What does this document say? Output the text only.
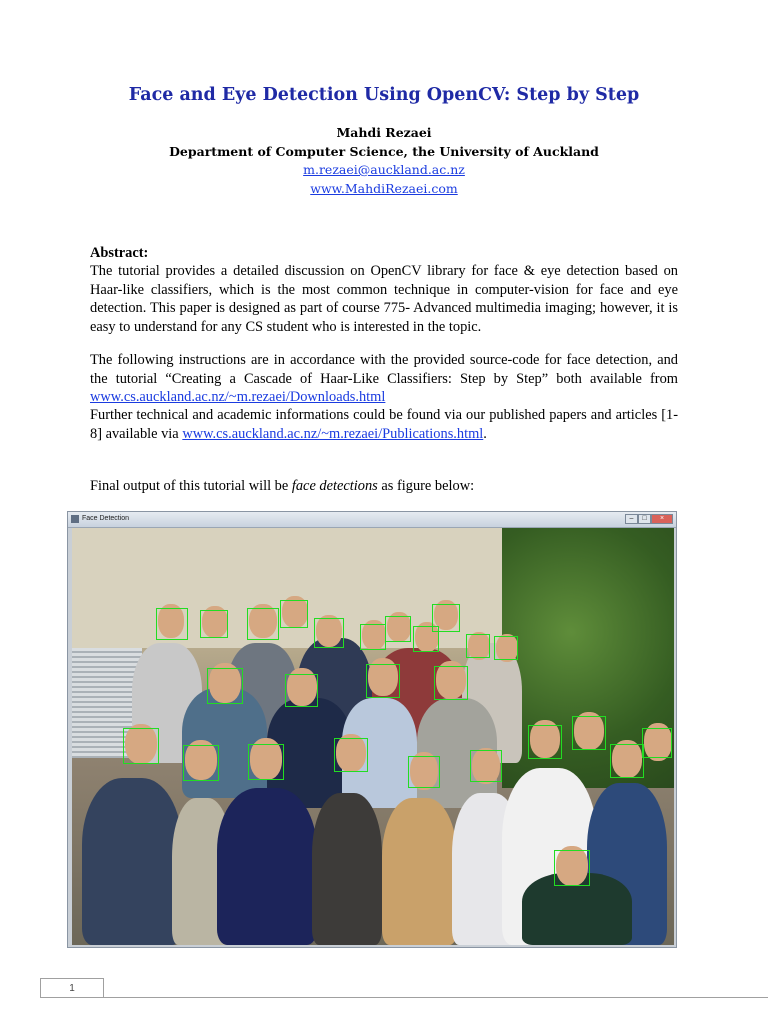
Face and Eye Detection Using OpenCV: Step by Step
Mahdi Rezaei
Department of Computer Science, the University of Auckland
m.rezaei@auckland.ac.nz
www.MahdiRezaei.com
Abstract:
The tutorial provides a detailed discussion on OpenCV library for face & eye detection based on Haar-like classifiers, which is the most common technique in computer-vision for face and eye detection. This paper is designed as part of course 775- Advanced multimedia imaging; however, it is easy to understand for any CS student who is interested in the topic.
The following instructions are in accordance with the provided source-code for face detection, and the tutorial “Creating a Cascade of Haar-Like Classifiers: Step by Step” both available from www.cs.auckland.ac.nz/~m.rezaei/Downloads.html
Further technical and academic informations could be found via our published papers and articles [1-8] available via www.cs.auckland.ac.nz/~m.rezaei/Publications.html.
Final output of this tutorial will be face detections as figure below:
Face Detection	–	□	×
1
